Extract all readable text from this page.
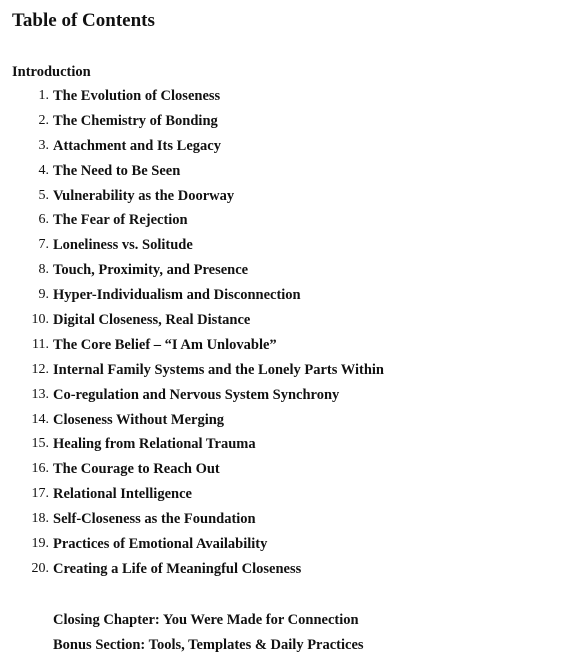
Table of Contents
Introduction
1. The Evolution of Closeness
2. The Chemistry of Bonding
3. Attachment and Its Legacy
4. The Need to Be Seen
5. Vulnerability as the Doorway
6. The Fear of Rejection
7. Loneliness vs. Solitude
8. Touch, Proximity, and Presence
9. Hyper-Individualism and Disconnection
10. Digital Closeness, Real Distance
11. The Core Belief – “I Am Unlovable”
12. Internal Family Systems and the Lonely Parts Within
13. Co-regulation and Nervous System Synchrony
14. Closeness Without Merging
15. Healing from Relational Trauma
16. The Courage to Reach Out
17. Relational Intelligence
18. Self-Closeness as the Foundation
19. Practices of Emotional Availability
20. Creating a Life of Meaningful Closeness
Closing Chapter: You Were Made for Connection
Bonus Section: Tools, Templates & Daily Practices
